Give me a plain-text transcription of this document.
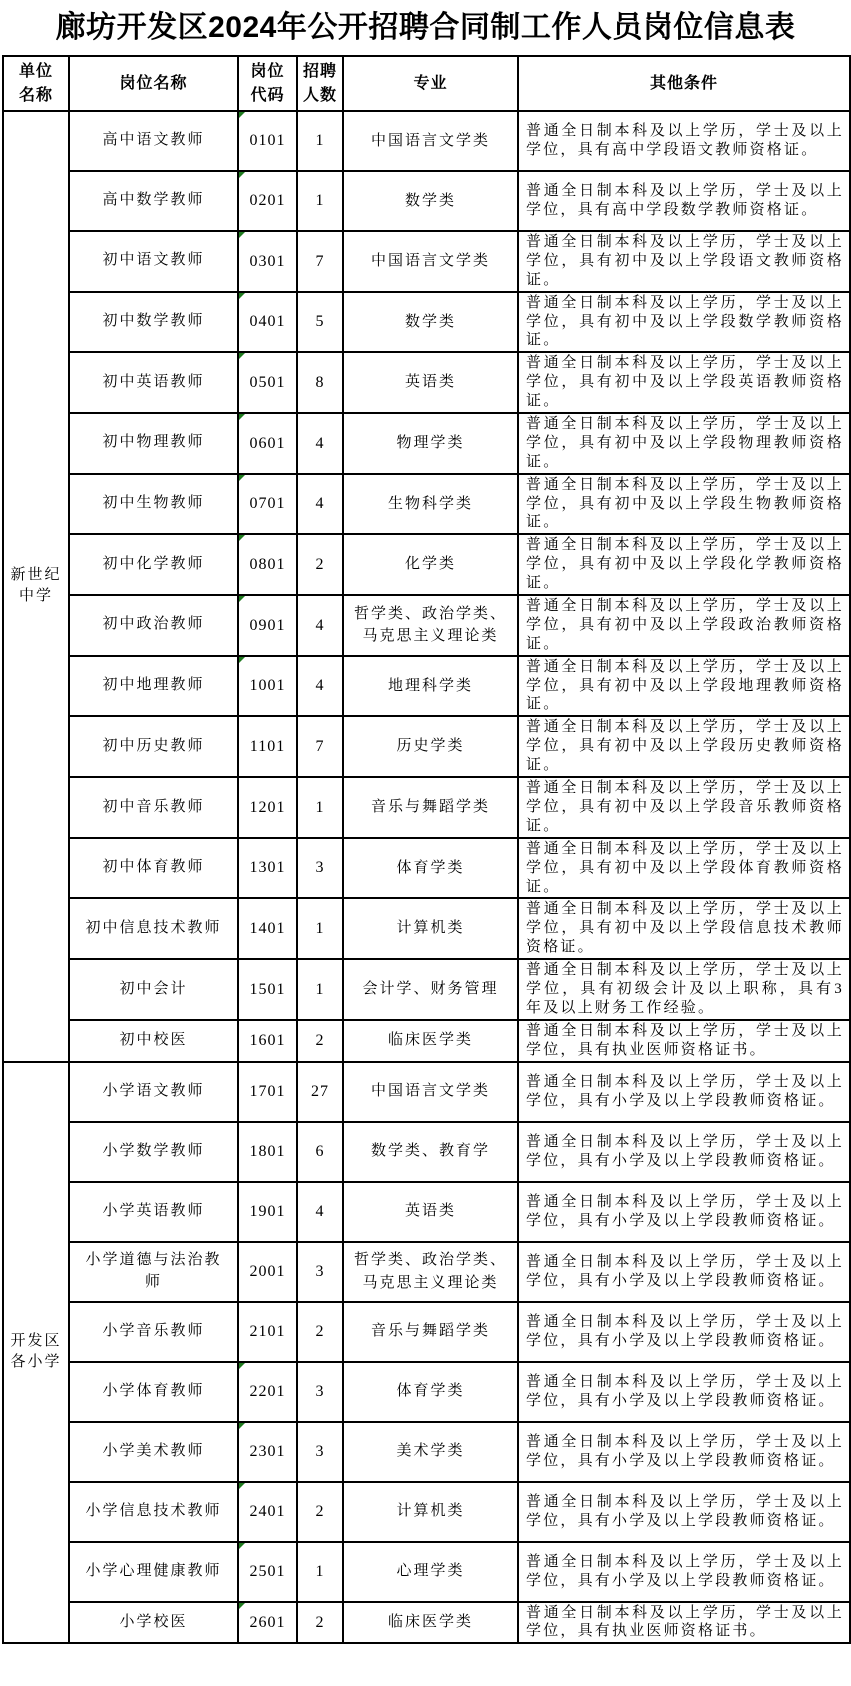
廊坊开发区2024年公开招聘合同制工作人员岗位信息表
单位名称	岗位名称	岗位代码	招聘人数	专业	其他条件
新世纪中学	高中语文教师	0101	1	中国语言文学类	普通全日制本科及以上学历，学士及以上学位，具有高中学段语文教师资格证。
	高中数学教师	0201	1	数学类	普通全日制本科及以上学历，学士及以上学位，具有高中学段数学教师资格证。
	初中语文教师	0301	7	中国语言文学类	普通全日制本科及以上学历，学士及以上学位，具有初中及以上学段语文教师资格证。
	初中数学教师	0401	5	数学类	普通全日制本科及以上学历，学士及以上学位，具有初中及以上学段数学教师资格证。
	初中英语教师	0501	8	英语类	普通全日制本科及以上学历，学士及以上学位，具有初中及以上学段英语教师资格证。
	初中物理教师	0601	4	物理学类	普通全日制本科及以上学历，学士及以上学位，具有初中及以上学段物理教师资格证。
	初中生物教师	0701	4	生物科学类	普通全日制本科及以上学历，学士及以上学位，具有初中及以上学段生物教师资格证。
	初中化学教师	0801	2	化学类	普通全日制本科及以上学历，学士及以上学位，具有初中及以上学段化学教师资格证。
	初中政治教师	0901	4	哲学类、政治学类、马克思主义理论类	普通全日制本科及以上学历，学士及以上学位，具有初中及以上学段政治教师资格证。
	初中地理教师	1001	4	地理科学类	普通全日制本科及以上学历，学士及以上学位，具有初中及以上学段地理教师资格证。
	初中历史教师	1101	7	历史学类	普通全日制本科及以上学历，学士及以上学位，具有初中及以上学段历史教师资格证。
	初中音乐教师	1201	1	音乐与舞蹈学类	普通全日制本科及以上学历，学士及以上学位，具有初中及以上学段音乐教师资格证。
	初中体育教师	1301	3	体育学类	普通全日制本科及以上学历，学士及以上学位，具有初中及以上学段体育教师资格证。
	初中信息技术教师	1401	1	计算机类	普通全日制本科及以上学历，学士及以上学位，具有初中及以上学段信息技术教师资格证。
	初中会计	1501	1	会计学、财务管理	普通全日制本科及以上学历，学士及以上学位，具有初级会计及以上职称，具有3年及以上财务工作经验。
	初中校医	1601	2	临床医学类	普通全日制本科及以上学历，学士及以上学位，具有执业医师资格证书。
开发区各小学	小学语文教师	1701	27	中国语言文学类	普通全日制本科及以上学历，学士及以上学位，具有小学及以上学段教师资格证。
	小学数学教师	1801	6	数学类、教育学	普通全日制本科及以上学历，学士及以上学位，具有小学及以上学段教师资格证。
	小学英语教师	1901	4	英语类	普通全日制本科及以上学历，学士及以上学位，具有小学及以上学段教师资格证。
	小学道德与法治教师	2001	3	哲学类、政治学类、马克思主义理论类	普通全日制本科及以上学历，学士及以上学位，具有小学及以上学段教师资格证。
	小学音乐教师	2101	2	音乐与舞蹈学类	普通全日制本科及以上学历，学士及以上学位，具有小学及以上学段教师资格证。
	小学体育教师	2201	3	体育学类	普通全日制本科及以上学历，学士及以上学位，具有小学及以上学段教师资格证。
	小学美术教师	2301	3	美术学类	普通全日制本科及以上学历，学士及以上学位，具有小学及以上学段教师资格证。
	小学信息技术教师	2401	2	计算机类	普通全日制本科及以上学历，学士及以上学位，具有小学及以上学段教师资格证。
	小学心理健康教师	2501	1	心理学类	普通全日制本科及以上学历，学士及以上学位，具有小学及以上学段教师资格证。
	小学校医	2601	2	临床医学类	普通全日制本科及以上学历，学士及以上学位，具有执业医师资格证书。
